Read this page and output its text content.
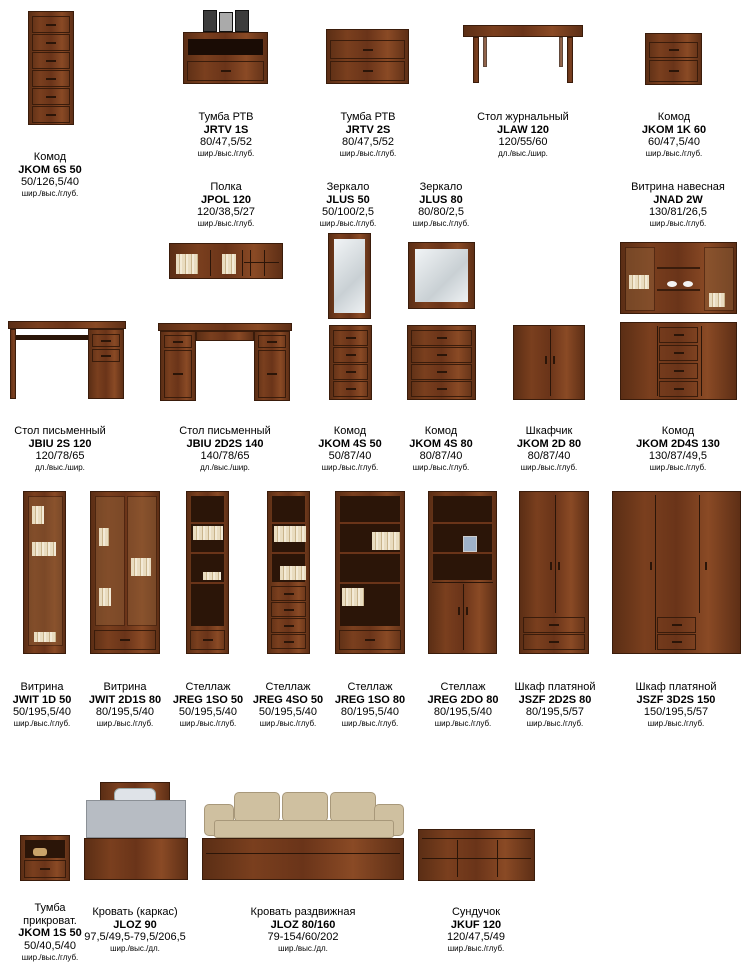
Комод
JKOM 6S 50
50/126,5/40
шир./выс./глуб.
Тумба РТВ
JRTV 1S
80/47,5/52
шир./выс./глуб.
Тумба РТВ
JRTV 2S
80/47,5/52
шир./выс./глуб.
Стол журнальный
JLAW 120
120/55/60
дл./выс./шир.
Комод
JKOM 1K 60
60/47,5/40
шир./выс./глуб.
Полка
JPOL 120
120/38,5/27
шир./выс./глуб.
Зеркало
JLUS 50
50/100/2,5
шир./выс./глуб.
Зеркало
JLUS 80
80/80/2,5
шир./выс./глуб.
Витрина навесная
JNAD 2W
130/81/26,5
шир./выс./глуб.
Стол письменный
JBIU 2S 120
120/78/65
дл./выс./шир.
Стол письменный
JBIU 2D2S 140
140/78/65
дл./выс./шир.
Комод
JKOM 4S 50
50/87/40
шир./выс./глуб.
Комод
JKOM 4S 80
80/87/40
шир./выс./глуб.
Шкафчик
JKOM 2D 80
80/87/40
шир./выс./глуб.
Комод
JKOM 2D4S 130
130/87/49,5
шир./выс./глуб.
Витрина
JWIT 1D 50
50/195,5/40
шир./выс./глуб.
Витрина
JWIT 2D1S 80
80/195,5/40
шир./выс./глуб.
Стеллаж
JREG 1SO 50
50/195,5/40
шир./выс./глуб.
Стеллаж
JREG 4SO 50
50/195,5/40
шир./выс./глуб.
Стеллаж
JREG 1SO 80
80/195,5/40
шир./выс./глуб.
Стеллаж
JREG 2DO 80
80/195,5/40
шир./выс./глуб.
Шкаф платяной
JSZF 2D2S 80
80/195,5/57
шир./выс./глуб.
Шкаф платяной
JSZF 3D2S 150
150/195,5/57
шир./выс./глуб.
Тумба
прикроват.
JKOM 1S 50
50/40,5/40
шир./выс./глуб.
Кровать (каркас)
JLOZ 90
97,5/49,5-79,5/206,5
шир./выс./дл.
Кровать раздвижная
JLOZ 80/160
79-154/60/202
шир./выс./дл.
Сундучок
JKUF 120
120/47,5/49
шир./выс./глуб.
